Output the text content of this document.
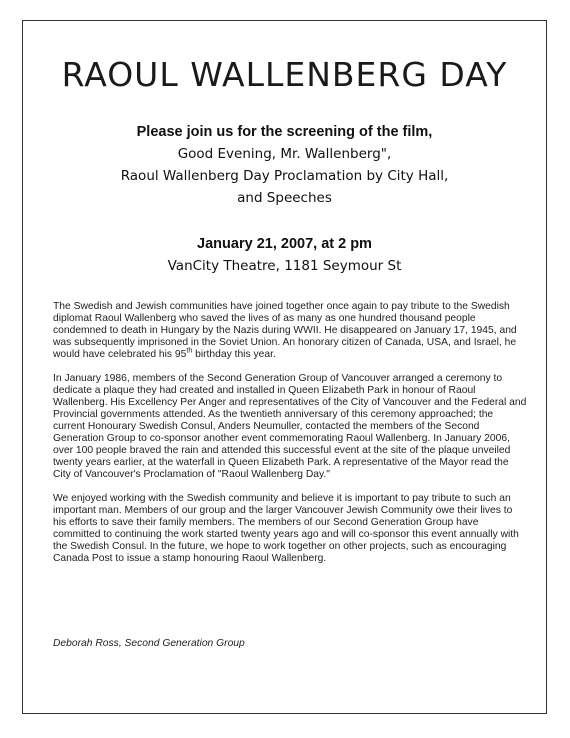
RAOUL WALLENBERG DAY
Please join us for the screening of the film,
Good Evening, Mr. Wallenberg",
Raoul Wallenberg Day Proclamation by City Hall,
and Speeches
January 21, 2007, at 2 pm
VanCity Theatre, 1181 Seymour St

The Swedish and Jewish communities have joined together once again to pay tribute to the Swedish diplomat Raoul Wallenberg who saved the lives of as many as one hundred thousand people condemned to death in Hungary by the Nazis during WWII. He disappeared on January 17, 1945, and was subsequently imprisoned in the Soviet Union. An honorary citizen of Canada, USA, and Israel, he would have celebrated his 95th birthday this year.

In January 1986, members of the Second Generation Group of Vancouver arranged a ceremony to dedicate a plaque they had created and installed in Queen Elizabeth Park in honour of Raoul Wallenberg. His Excellency Per Anger and representatives of the City of Vancouver and the Federal and Provincial governments attended. As the twentieth anniversary of this ceremony approached; the current Honourary Swedish Consul, Anders Neumuller, contacted the members of the Second Generation Group to co-sponsor another event commemorating Raoul Wallenberg. In January 2006, over 100 people braved the rain and attended this successful event at the site of the plaque unveiled twenty years earlier, at the waterfall in Queen Elizabeth Park. A representative of the Mayor read the City of Vancouver's Proclamation of "Raoul Wallenberg Day."

We enjoyed working with the Swedish community and believe it is important to pay tribute to such an important man. Members of our group and the larger Vancouver Jewish Community owe their lives to his efforts to save their family members. The members of our Second Generation Group have committed to continuing the work started twenty years ago and will co-sponsor this event annually with the Swedish Consul. In the future, we hope to work together on other projects, such as encouraging Canada Post to issue a stamp honouring Raoul Wallenberg.

Deborah Ross, Second Generation Group
